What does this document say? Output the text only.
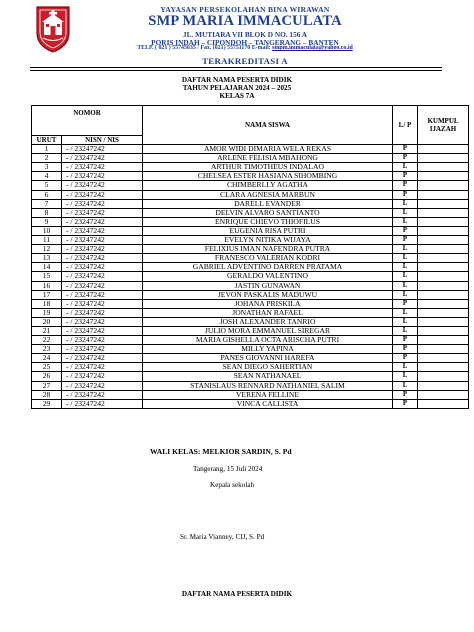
YAYASAN PERSEKOLAHAN BINA WIRAWAN
SMP MARIA IMMACULATA
JL. MUTIARA VII BLOK D NO. 156 A
PORIS INDAH – CIPONDOH – TANGERANG – BANTEN
TELP. ( 021 ) 55745035 / Fax. (021) 55751170 E-mail: smpm.immaculata@yahoo.co.id
TERAKREDITASI A
DAFTAR NAMA PESERTA DIDIK
TAHUN PELAJARAN 2024 – 2025
KELAS 7A
NOMOR		NAMA SISWA	L/ P	KUMPUL IJAZAH
URUT	NISN / NIS			
1	- / 23247242	AMOR WIDI DIMARIA WELA REKAS	P	
2	- / 23247242	ARLENE FELISIA MBAHONG	P	
3	- / 23247242	ARTHUR TIMOTHEUS INDALAO	L	
4	- / 23247242	CHELSEA ESTER HASIANA SIHOMBING	P	
5	- / 23247242	CHIMBERLLY AGATHA	P	
6	- / 23247242	CLARA AGNESIA MARBUN	P	
7	- / 23247242	DARELL EVANDER	L	
8	- / 23247242	DELVIN ALVARO SANTIANTO	L	
9	- / 23247242	ENRIQUE CHIEVO THIOFILUS	L	
10	- / 23247242	EUGENIA RISA PUTRI	P	
11	- / 23247242	EVELYN NITIKA WIJAYA	P	
12	- / 23247242	FELIXIUS IMAN NAFENDRA PUTRA	L	
13	- / 23247242	FRANESCO VALERIAN KODRI	L	
14	- / 23247242	GABRIEL ADVENTINO DARREN PRATAMA	L	
15	- / 23247242	GERALDO VALENTINO	L	
16	- / 23247242	JASTIN GUNAWAN	L	
17	- / 23247242	JEVON PASKALIS MADUWU	L	
18	- / 23247242	JOHANA PRISKILA	P	
19	- / 23247242	JONATHAN RAFAEL	L	
20	- / 23247242	JOSH ALEXANDER TANRIO	L	
21	- / 23247242	JULIO MORA EMMANUEL SIREGAR	L	
22	- / 23247242	MARIA GISHELLA OCTA ARISCHA PUTRI	P	
23	- / 23247242	MILLY YAPINA	P	
24	- / 23247242	PANES GIOVANNI HAREFA	P	
25	- / 23247242	SEAN DIEGO SAHERTIAN	L	
26	- / 23247242	SEAN NATHANAEL	L	
27	- / 23247242	STANISLAUS RENNARD NATHANIEL SALIM	L	
28	- / 23247242	VERENA FELLINE	P	
29	- / 23247242	VINCA CALLISTA	P	
WALI KELAS: MELKIOR SARDIN, S. Pd
Tangerang, 15 Juli 2024
Kepala sekolah
Sr. Maria Vianney, CIJ, S. Pd
DAFTAR NAMA PESERTA DIDIK
